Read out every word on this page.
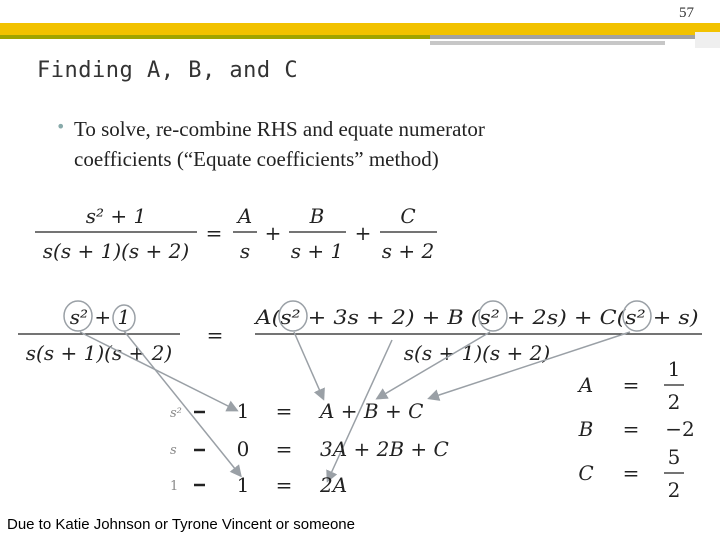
57
Finding A, B, and C
• To solve, re-combine RHS and equate numerator
coefficients (“Equate coefficients” method)
s² + 1
s(s + 1)(s + 2)
=
A
s
+
B
s + 1
+
C
s + 2
s² + 1
s(s + 1)(s + 2)
=
A(s² + 3s + 2) + B (s² + 2s) + C(s² + s)
s(s + 1)(s + 2)
s²	1 = A + B + C
s	0 = 3A + 2B + C
1	1 = 2A
A =
1
2
B = −2
C =
5
2
Due to Katie Johnson or Tyrone Vincent or someone
